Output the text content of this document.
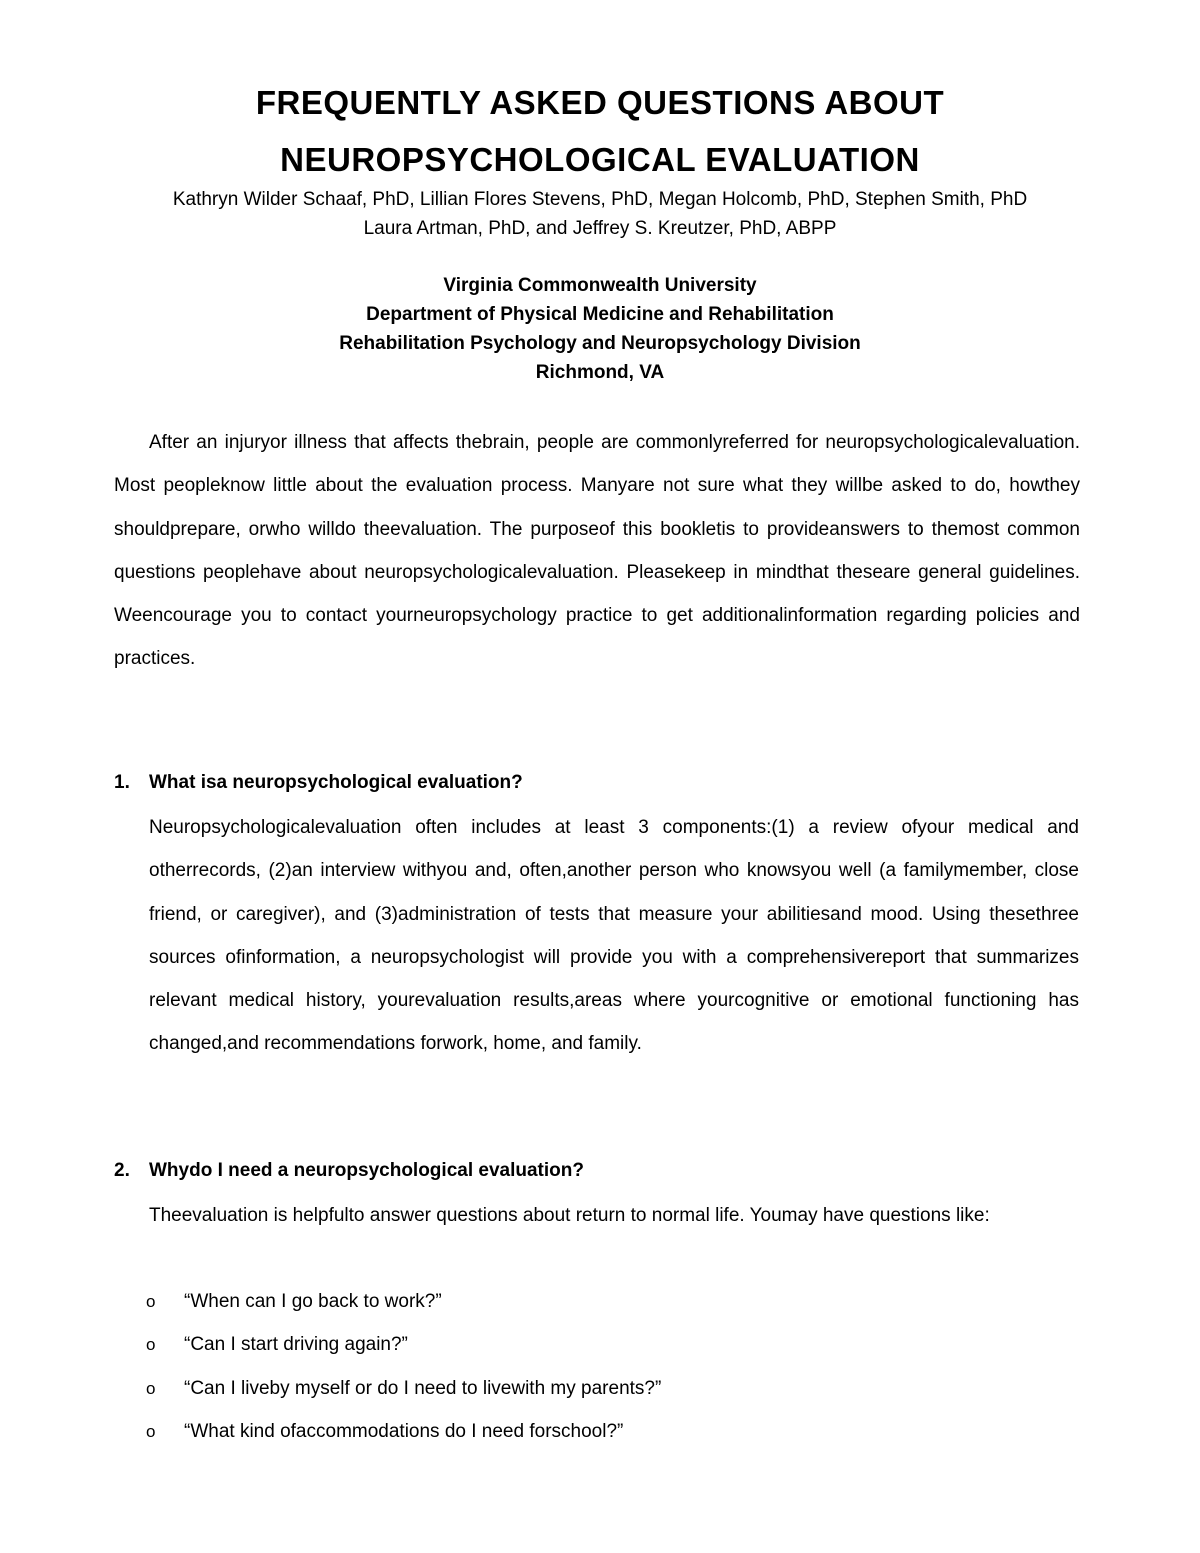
FREQUENTLY ASKED QUESTIONS ABOUT
NEUROPSYCHOLOGICAL EVALUATION
Kathryn Wilder Schaaf, PhD, Lillian Flores Stevens, PhD, Megan Holcomb, PhD, Stephen Smith, PhD
Laura Artman, PhD, and Jeffrey S. Kreutzer, PhD, ABPP
Virginia Commonwealth University
Department of Physical Medicine and Rehabilitation
Rehabilitation Psychology and Neuropsychology Division
Richmond, VA

After an injuryor illness that affects thebrain, people are commonlyreferred for neuropsychologicalevaluation. Most peopleknow little about the evaluation process. Manyare not sure what they willbe asked to do, howthey shouldprepare, orwho willdo theevaluation. The purposeof this bookletis to provideanswers to themost common questions peoplehave about neuropsychologicalevaluation. Pleasekeep in mindthat theseare general guidelines. Weencourage you to contact yourneuropsychology practice to get additionalinformation regarding policies and practices.

1. What isa neuropsychological evaluation?

Neuropsychologicalevaluation often includes at least 3 components:(1) a review ofyour medical and otherrecords, (2)an interview withyou and, often,another person who knowsyou well (a familymember, close friend, or caregiver), and (3)administration of tests that measure your abilitiesand mood. Using thesethree sources ofinformation, a neuropsychologist will provide you with a comprehensivereport that summarizes relevant medical history, yourevaluation results,areas where yourcognitive or emotional functioning has changed,and recommendations forwork, home, and family.

2. Whydo I need a neuropsychological evaluation?

Theevaluation is helpfulto answer questions about return to normal life. Youmay have questions like:

o “When can I go back to work?”
o “Can I start driving again?”
o “Can I liveby myself or do I need to livewith my parents?”
o “What kind ofaccommodations do I need forschool?”
